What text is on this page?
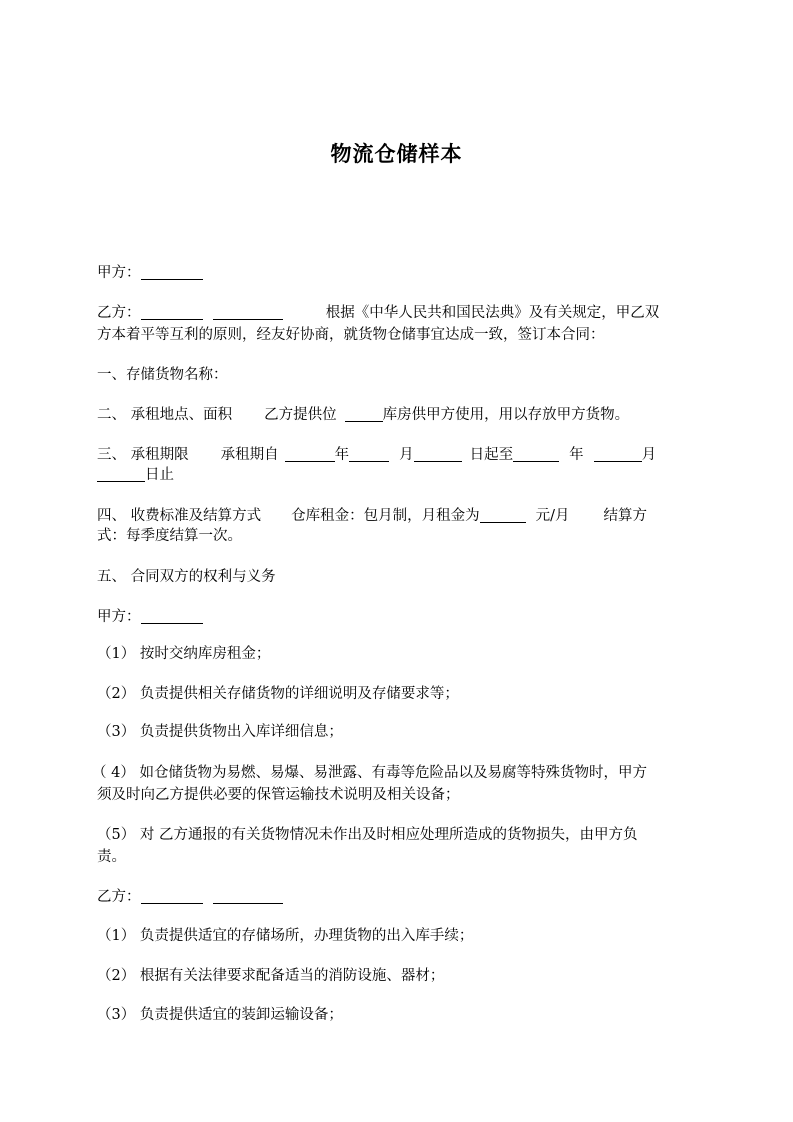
物流仓储样本
甲方：
乙方：	根据《中华人民共和国民法典》及有关规定，甲乙双
方本着平等互利的原则，经友好协商，就货物仓储事宜达成一致，签订本合同：
一、存储货物名称：
二、 承租地点、面积 乙方提供位	库房供甲方使用，用以存放甲方货物。
三、 承租期限 承租期自	年	月	日起至	年	月
日止
四、 收费标准及结算方式 仓库租金：包月制，月租金为	元/月 结算方
式：每季度结算一次。
五、 合同双方的权利与义务
甲方：
（1） 按时交纳库房租金；
（2） 负责提供相关存储货物的详细说明及存储要求等；
（3） 负责提供货物出入库详细信息；
（ 4） 如仓储货物为易燃、易爆、易泄露、有毒等危险品以及易腐等特殊货物时，甲方
须及时向乙方提供必要的保管运输技术说明及相关设备；
（5） 对 乙方通报的有关货物情况未作出及时相应处理所造成的货物损失，由甲方负
责。
乙方：
（1） 负责提供适宜的存储场所，办理货物的出入库手续；
（2） 根据有关法律要求配备适当的消防设施、器材；
（3） 负责提供适宜的装卸运输设备；
